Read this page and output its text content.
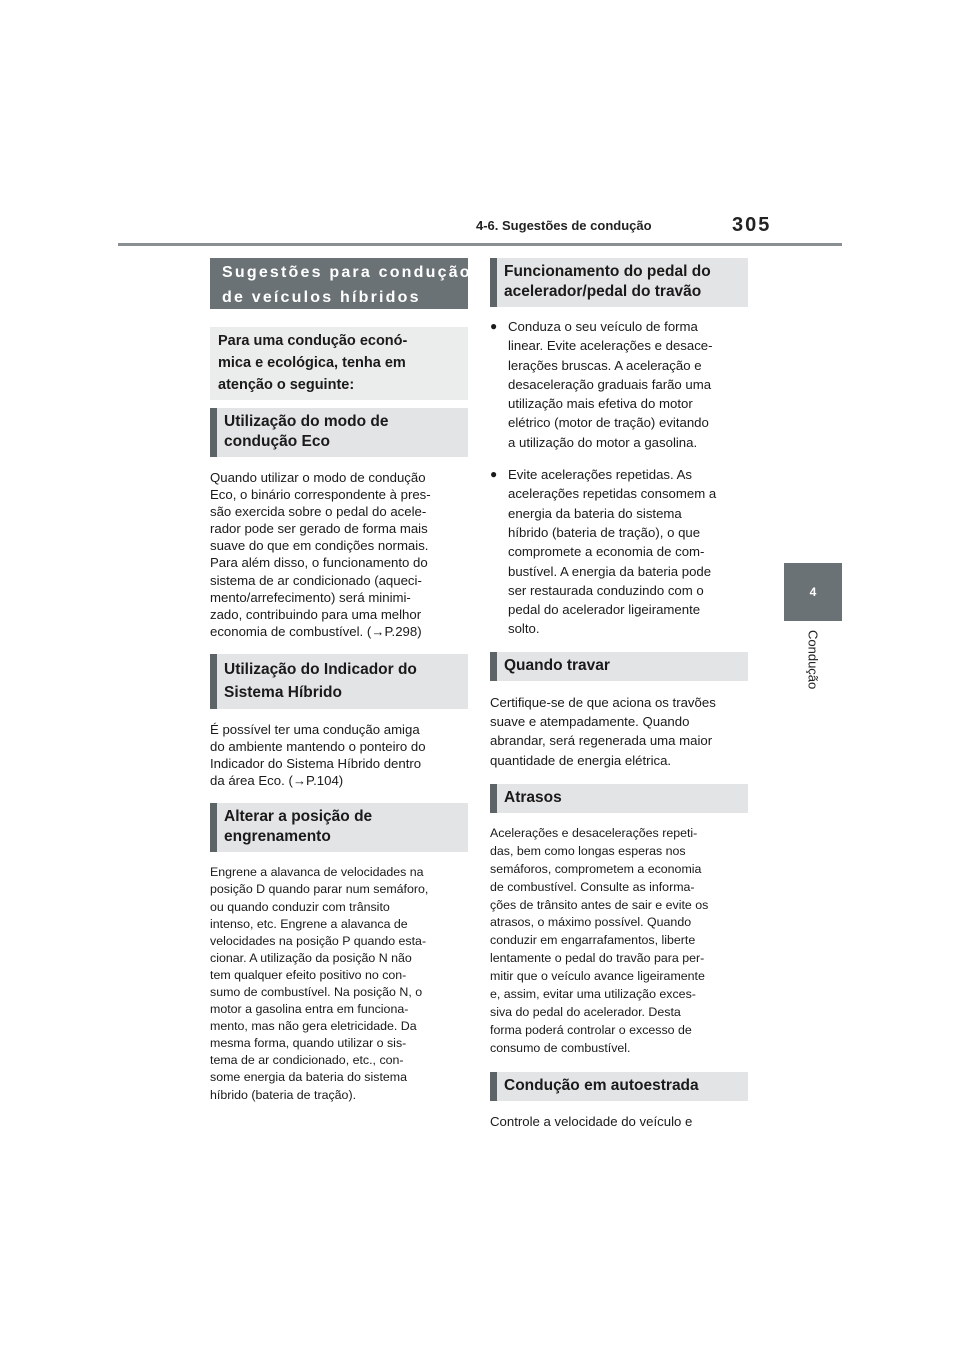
4-6. Sugestões de condução	305
4
Condução
Sugestões para condução
de veículos híbridos
Para uma condução econó-
mica e ecológica, tenha em
atenção o seguinte:
Utilização do modo de
condução Eco

Quando utilizar o modo de condução
Eco, o binário correspondente à pres-
são exercida sobre o pedal do acele-
rador pode ser gerado de forma mais
suave do que em condições normais.
Para além disso, o funcionamento do
sistema de ar condicionado (aqueci-
mento/arrefecimento) será minimi-
zado, contribuindo para uma melhor
economia de combustível. (→P.298)

Utilização do Indicador do
Sistema Híbrido

É possível ter uma condução amiga
do ambiente mantendo o ponteiro do
Indicador do Sistema Híbrido dentro
da área Eco. (→P.104)

Alterar a posição de
engrenamento

Engrene a alavanca de velocidades na
posição D quando parar num semáforo,
ou quando conduzir com trânsito
intenso, etc. Engrene a alavanca de
velocidades na posição P quando esta-
cionar. A utilização da posição N não
tem qualquer efeito positivo no con-
sumo de combustível. Na posição N, o
motor a gasolina entra em funciona-
mento, mas não gera eletricidade. Da
mesma forma, quando utilizar o sis-
tema de ar condicionado, etc., con-
some energia da bateria do sistema
híbrido (bateria de tração).

Funcionamento do pedal do
acelerador/pedal do travão
● Conduza o seu veículo de forma
linear. Evite acelerações e desace-
lerações bruscas. A aceleração e
desaceleração graduais farão uma
utilização mais efetiva do motor
elétrico (motor de tração) evitando
a utilização do motor a gasolina.
● Evite acelerações repetidas. As
acelerações repetidas consomem a
energia da bateria do sistema
híbrido (bateria de tração), o que
compromete a economia de com-
bustível. A energia da bateria pode
ser restaurada conduzindo com o
pedal do acelerador ligeiramente
solto.
Quando travar

Certifique-se de que aciona os travões
suave e atempadamente. Quando
abrandar, será regenerada uma maior
quantidade de energia elétrica.

Atrasos

Acelerações e desacelerações repeti-
das, bem como longas esperas nos
semáforos, comprometem a economia
de combustível. Consulte as informa-
ções de trânsito antes de sair e evite os
atrasos, o máximo possível. Quando
conduzir em engarrafamentos, liberte
lentamente o pedal do travão para per-
mitir que o veículo avance ligeiramente
e, assim, evitar uma utilização exces-
siva do pedal do acelerador. Desta
forma poderá controlar o excesso de
consumo de combustível.

Condução em autoestrada

Controle a velocidade do veículo e
